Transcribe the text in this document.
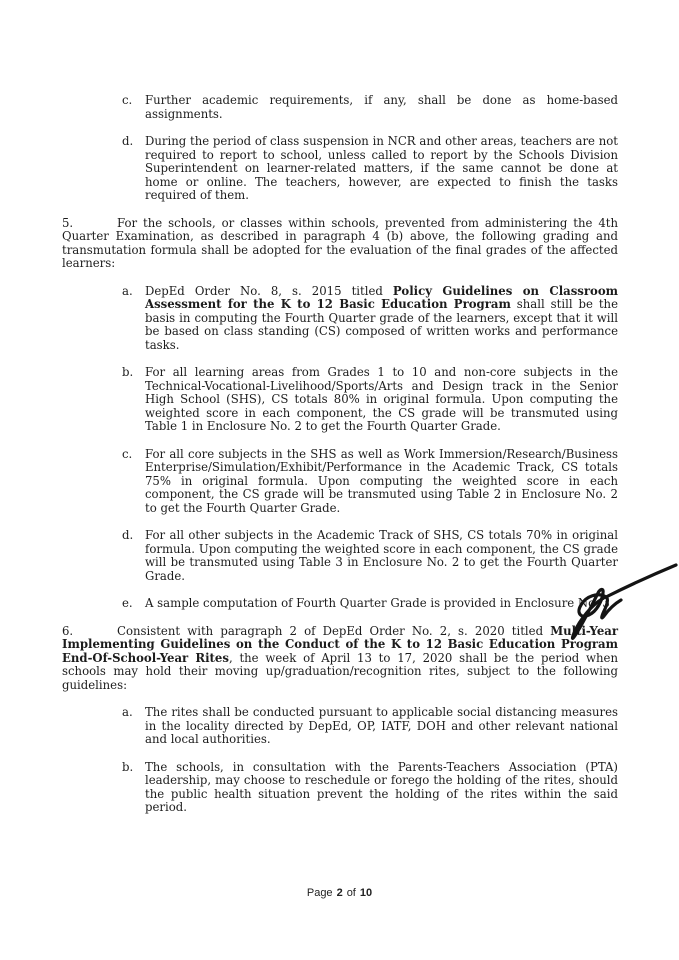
c. Further academic requirements, if any, shall be done as home-based assignments.
d. During the period of class suspension in NCR and other areas, teachers are not required to report to school, unless called to report by the Schools Division Superintendent on learner-related matters, if the same cannot be done at home or online. The teachers, however, are expected to finish the tasks required of them.
5.	For the schools, or classes within schools, prevented from administering the 4th Quarter Examination, as described in paragraph 4 (b) above, the following grading and transmutation formula shall be adopted for the evaluation of the final grades of the affected learners:
a. DepEd Order No. 8, s. 2015 titled Policy Guidelines on Classroom Assessment for the K to 12 Basic Education Program shall still be the basis in computing the Fourth Quarter grade of the learners, except that it will be based on class standing (CS) composed of written works and performance tasks.
b. For all learning areas from Grades 1 to 10 and non-core subjects in the Technical-Vocational-Livelihood/Sports/Arts and Design track in the Senior High School (SHS), CS totals 80% in original formula. Upon computing the weighted score in each component, the CS grade will be transmuted using Table 1 in Enclosure No. 2 to get the Fourth Quarter Grade.
c. For all core subjects in the SHS as well as Work Immersion/Research/Business Enterprise/Simulation/Exhibit/Performance in the Academic Track, CS totals 75% in original formula. Upon computing the weighted score in each component, the CS grade will be transmuted using Table 2 in Enclosure No. 2 to get the Fourth Quarter Grade.
d. For all other subjects in the Academic Track of SHS, CS totals 70% in original formula. Upon computing the weighted score in each component, the CS grade will be transmuted using Table 3 in Enclosure No. 2 to get the Fourth Quarter Grade.
e. A sample computation of Fourth Quarter Grade is provided in Enclosure No. 3.
6.	Consistent with paragraph 2 of DepEd Order No. 2, s. 2020 titled Multi-Year Implementing Guidelines on the Conduct of the K to 12 Basic Education Program End-Of-School-Year Rites, the week of April 13 to 17, 2020 shall be the period when schools may hold their moving up/graduation/recognition rites, subject to the following guidelines:
a. The rites shall be conducted pursuant to applicable social distancing measures in the locality directed by DepEd, OP, IATF, DOH and other relevant national and local authorities.
b. The schools, in consultation with the Parents-Teachers Association (PTA) leadership, may choose to reschedule or forego the holding of the rites, should the public health situation prevent the holding of the rites within the said period.
Page 2 of 10
